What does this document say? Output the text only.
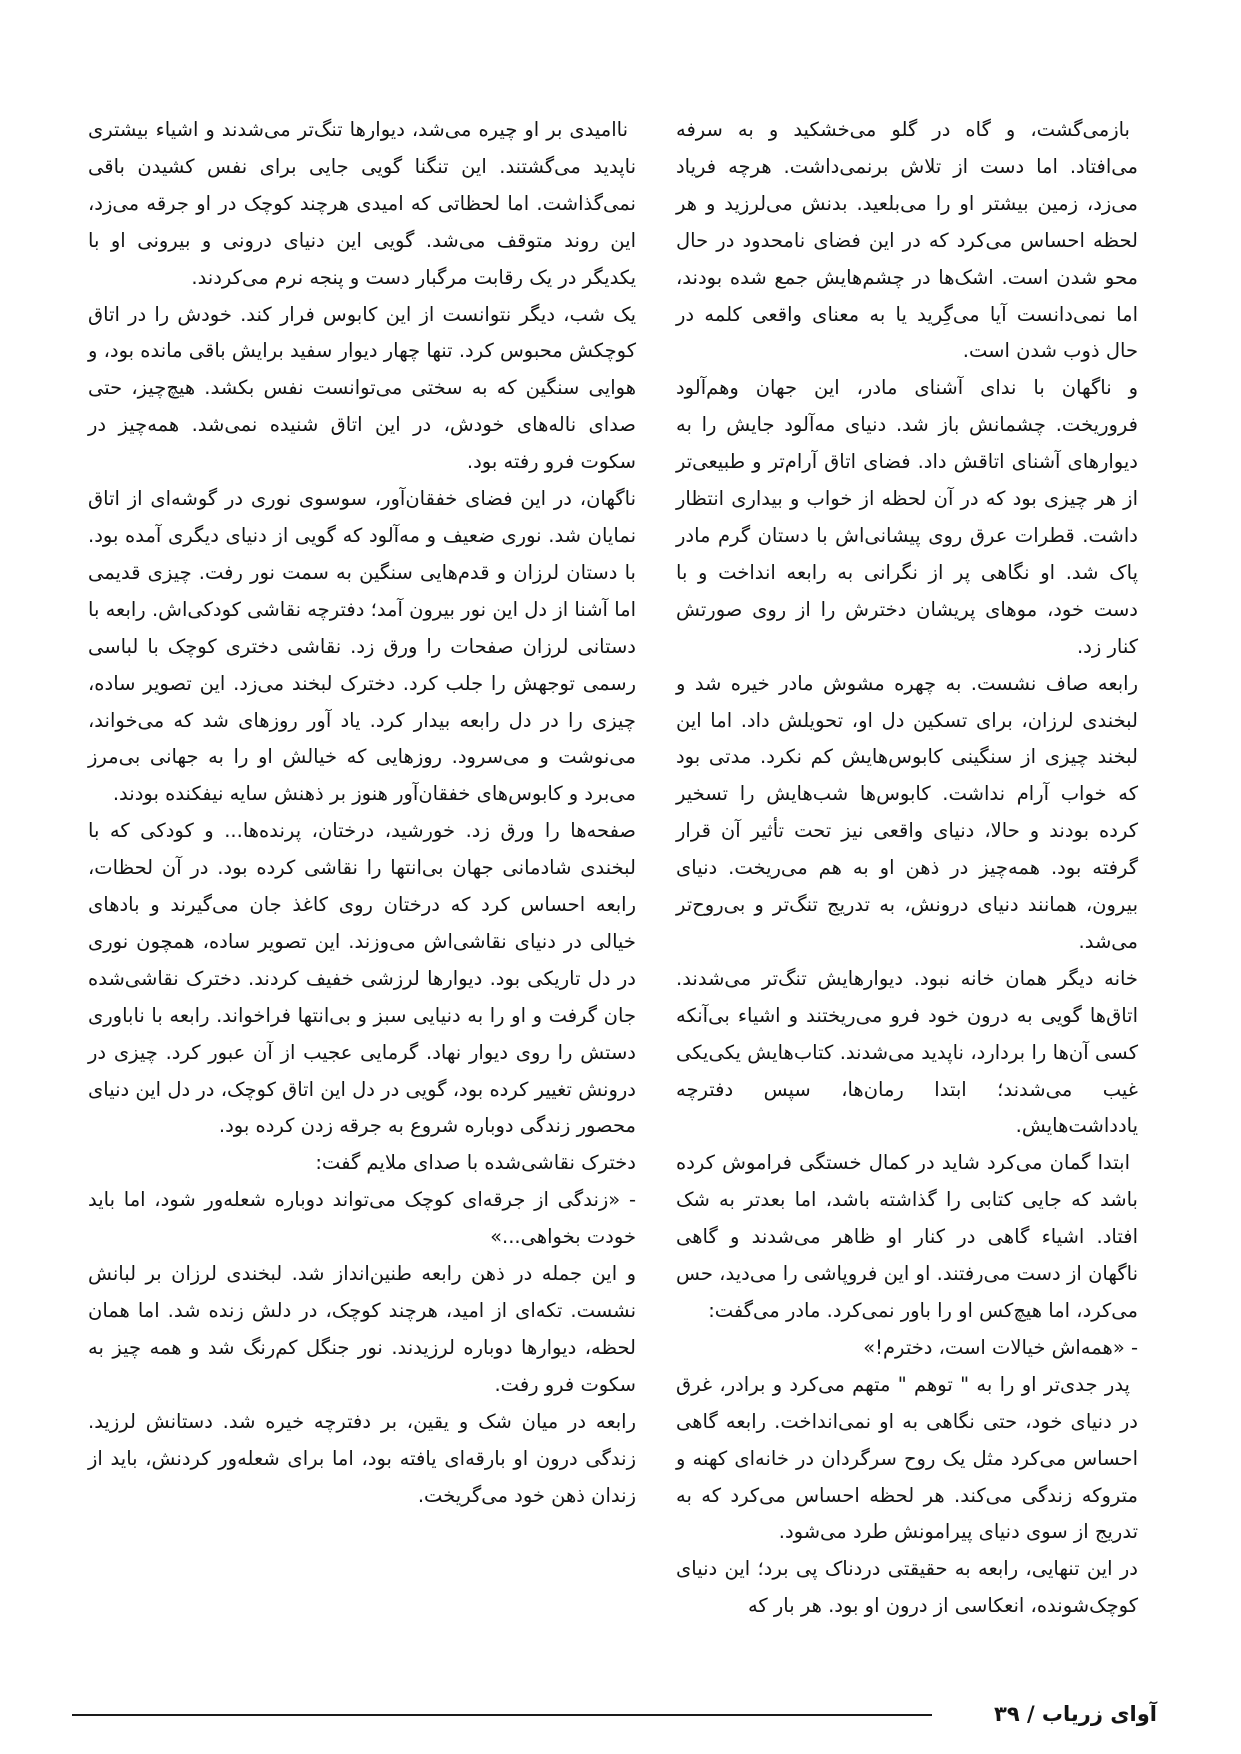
بازمی‌گشت، و گاه در گلو می‌خشکید و به سرفه می‌افتاد. اما دست از تلاش برنمی‌داشت. هرچه فریاد می‌زد، زمین بیشتر او را می‌بلعید. بدنش می‌لرزید و هر لحظه احساس می‌کرد که در این فضای نامحدود در حال محو شدن است. اشک‌ها در چشم‌هایش جمع شده بودند، اما نمی‌دانست آیا می‌گِرید یا به معنای واقعی کلمه در حال ذوب شدن است.

و ناگهان با ندای آشنای مادر، این جهان وهم‌آلود فروریخت. چشمانش باز شد. دنیای مه‌آلود جایش را به دیوارهای آشنای اتاقش داد. فضای اتاق آرام‌تر و طبیعی‌تر از هر چیزی بود که در آن لحظه از خواب و بیداری انتظار داشت. قطرات عرق روی پیشانی‌اش با دستان گرم مادر پاک شد. او نگاهی پر از نگرانی به رابعه انداخت و با دست خود، موهای پریشان دخترش را از روی صورتش کنار زد.

رابعه صاف نشست. به چهره مشوش مادر خیره شد و لبخندی لرزان، برای تسکین دل او، تحویلش داد. اما این لبخند چیزی از سنگینی کابوس‌هایش کم نکرد. مدتی بود که خواب آرام نداشت. کابوس‌ها شب‌هایش را تسخیر کرده بودند و حالا، دنیای واقعی نیز تحت تأثیر آن قرار گرفته بود. همه‌چیز در ذهن او به هم می‌ریخت. دنیای بیرون، همانند دنیای درونش، به تدریج تنگ‌تر و بی‌روح‌تر می‌شد.

خانه دیگر همان خانه نبود. دیوارهایش تنگ‌تر می‌شدند. اتاق‌ها گویی به درون خود فرو می‌ریختند و اشیاء بی‌آنکه کسی آن‌ها را بردارد، ناپدید می‌شدند. کتاب‌هایش یکی‌یکی غیب می‌شدند؛ ابتدا رمان‌ها، سپس دفترچه یادداشت‌هایش.

ابتدا گمان می‌کرد شاید در کمال خستگی فراموش کرده باشد که جایی کتابی را گذاشته باشد، اما بعدتر به شک افتاد. اشیاء گاهی در کنار او ظاهر می‌شدند و گاهی ناگهان از دست می‌رفتند. او این فروپاشی را می‌دید، حس می‌کرد، اما هیچ‌کس او را باور نمی‌کرد. مادر می‌گفت:

- «همه‌اش خیالات است، دخترم!»

پدر جدی‌تر او را به " توهم " متهم می‌کرد و برادر، غرق در دنیای خود، حتی نگاهی به او نمی‌انداخت. رابعه گاهی احساس می‌کرد مثل یک روح سرگردان در خانه‌ای کهنه و متروکه زندگی می‌کند. هر لحظه احساس می‌کرد که به تدریج از سوی دنیای پیرامونش طرد می‌شود.

در این تنهایی، رابعه به حقیقتی دردناک پی برد؛ این دنیای کوچک‌شونده، انعکاسی از درون او بود. هر بار که

ناامیدی بر او چیره می‌شد، دیوارها تنگ‌تر می‌شدند و اشیاء بیشتری ناپدید می‌گشتند. این تنگنا گویی جایی برای نفس کشیدن باقی نمی‌گذاشت. اما لحظاتی که امیدی هرچند کوچک در او جرقه می‌زد، این روند متوقف می‌شد. گویی این دنیای درونی و بیرونی او با یکدیگر در یک رقابت مرگبار دست و پنجه نرم می‌کردند.

یک شب، دیگر نتوانست از این کابوس فرار کند. خودش را در اتاق کوچکش محبوس کرد. تنها چهار دیوار سفید برایش باقی مانده بود، و هوایی سنگین که به سختی می‌توانست نفس بکشد. هیچ‌چیز، حتی صدای ناله‌های خودش، در این اتاق شنیده نمی‌شد. همه‌چیز در سکوت فرو رفته بود.

ناگهان، در این فضای خفقان‌آور، سوسوی نوری در گوشه‌ای از اتاق نمایان شد. نوری ضعیف و مه‌آلود که گویی از دنیای دیگری آمده بود. با دستان لرزان و قدم‌هایی سنگین به سمت نور رفت. چیزی قدیمی اما آشنا از دل این نور بیرون آمد؛ دفترچه نقاشی کودکی‌اش. رابعه با دستانی لرزان صفحات را ورق زد. نقاشی دختری کوچک با لباسی رسمی توجهش را جلب کرد. دخترک لبخند می‌زد. این تصویر ساده، چیزی را در دل رابعه بیدار کرد. یاد آور روزهای شد که می‌خواند، می‌نوشت و می‌سرود. روزهایی که خیالش او را به جهانی بی‌مرز می‌برد و کابوس‌های خفقان‌آور هنوز بر ذهنش سایه نیفکنده بودند.

صفحه‌ها را ورق زد. خورشید، درختان، پرنده‌ها... و کودکی که با لبخندی شادمانی جهان بی‌انتها را نقاشی کرده بود. در آن لحظات، رابعه احساس کرد که درختان روی کاغذ جان می‌گیرند و بادهای خیالی در دنیای نقاشی‌اش می‌وزند. این تصویر ساده، همچون نوری در دل تاریکی بود. دیوارها لرزشی خفیف کردند. دخترک نقاشی‌شده جان گرفت و او را به دنیایی سبز و بی‌انتها فراخواند. رابعه با ناباوری دستش را روی دیوار نهاد. گرمایی عجیب از آن عبور کرد. چیزی در درونش تغییر کرده بود، گویی در دل این اتاق کوچک، در دل این دنیای محصور زندگی دوباره شروع به جرقه زدن کرده بود.

دخترک نقاشی‌شده با صدای ملایم گفت:

- «زندگی از جرقه‌ای کوچک می‌تواند دوباره شعله‌ور شود، اما باید خودت بخواهی...»

و این جمله در ذهن رابعه طنین‌انداز شد. لبخندی لرزان بر لبانش نشست. تکه‌ای از امید، هرچند کوچک، در دلش زنده شد. اما همان لحظه، دیوارها دوباره لرزیدند. نور جنگل کم‌رنگ شد و همه چیز به سکوت فرو رفت.

رابعه در میان شک و یقین، بر دفترچه خیره شد. دستانش لرزید. زندگی درون او بارقه‌ای یافته بود، اما برای شعله‌ور کردنش، باید از زندان ذهن خود می‌گریخت.

آوای زریاب / ۳۹
